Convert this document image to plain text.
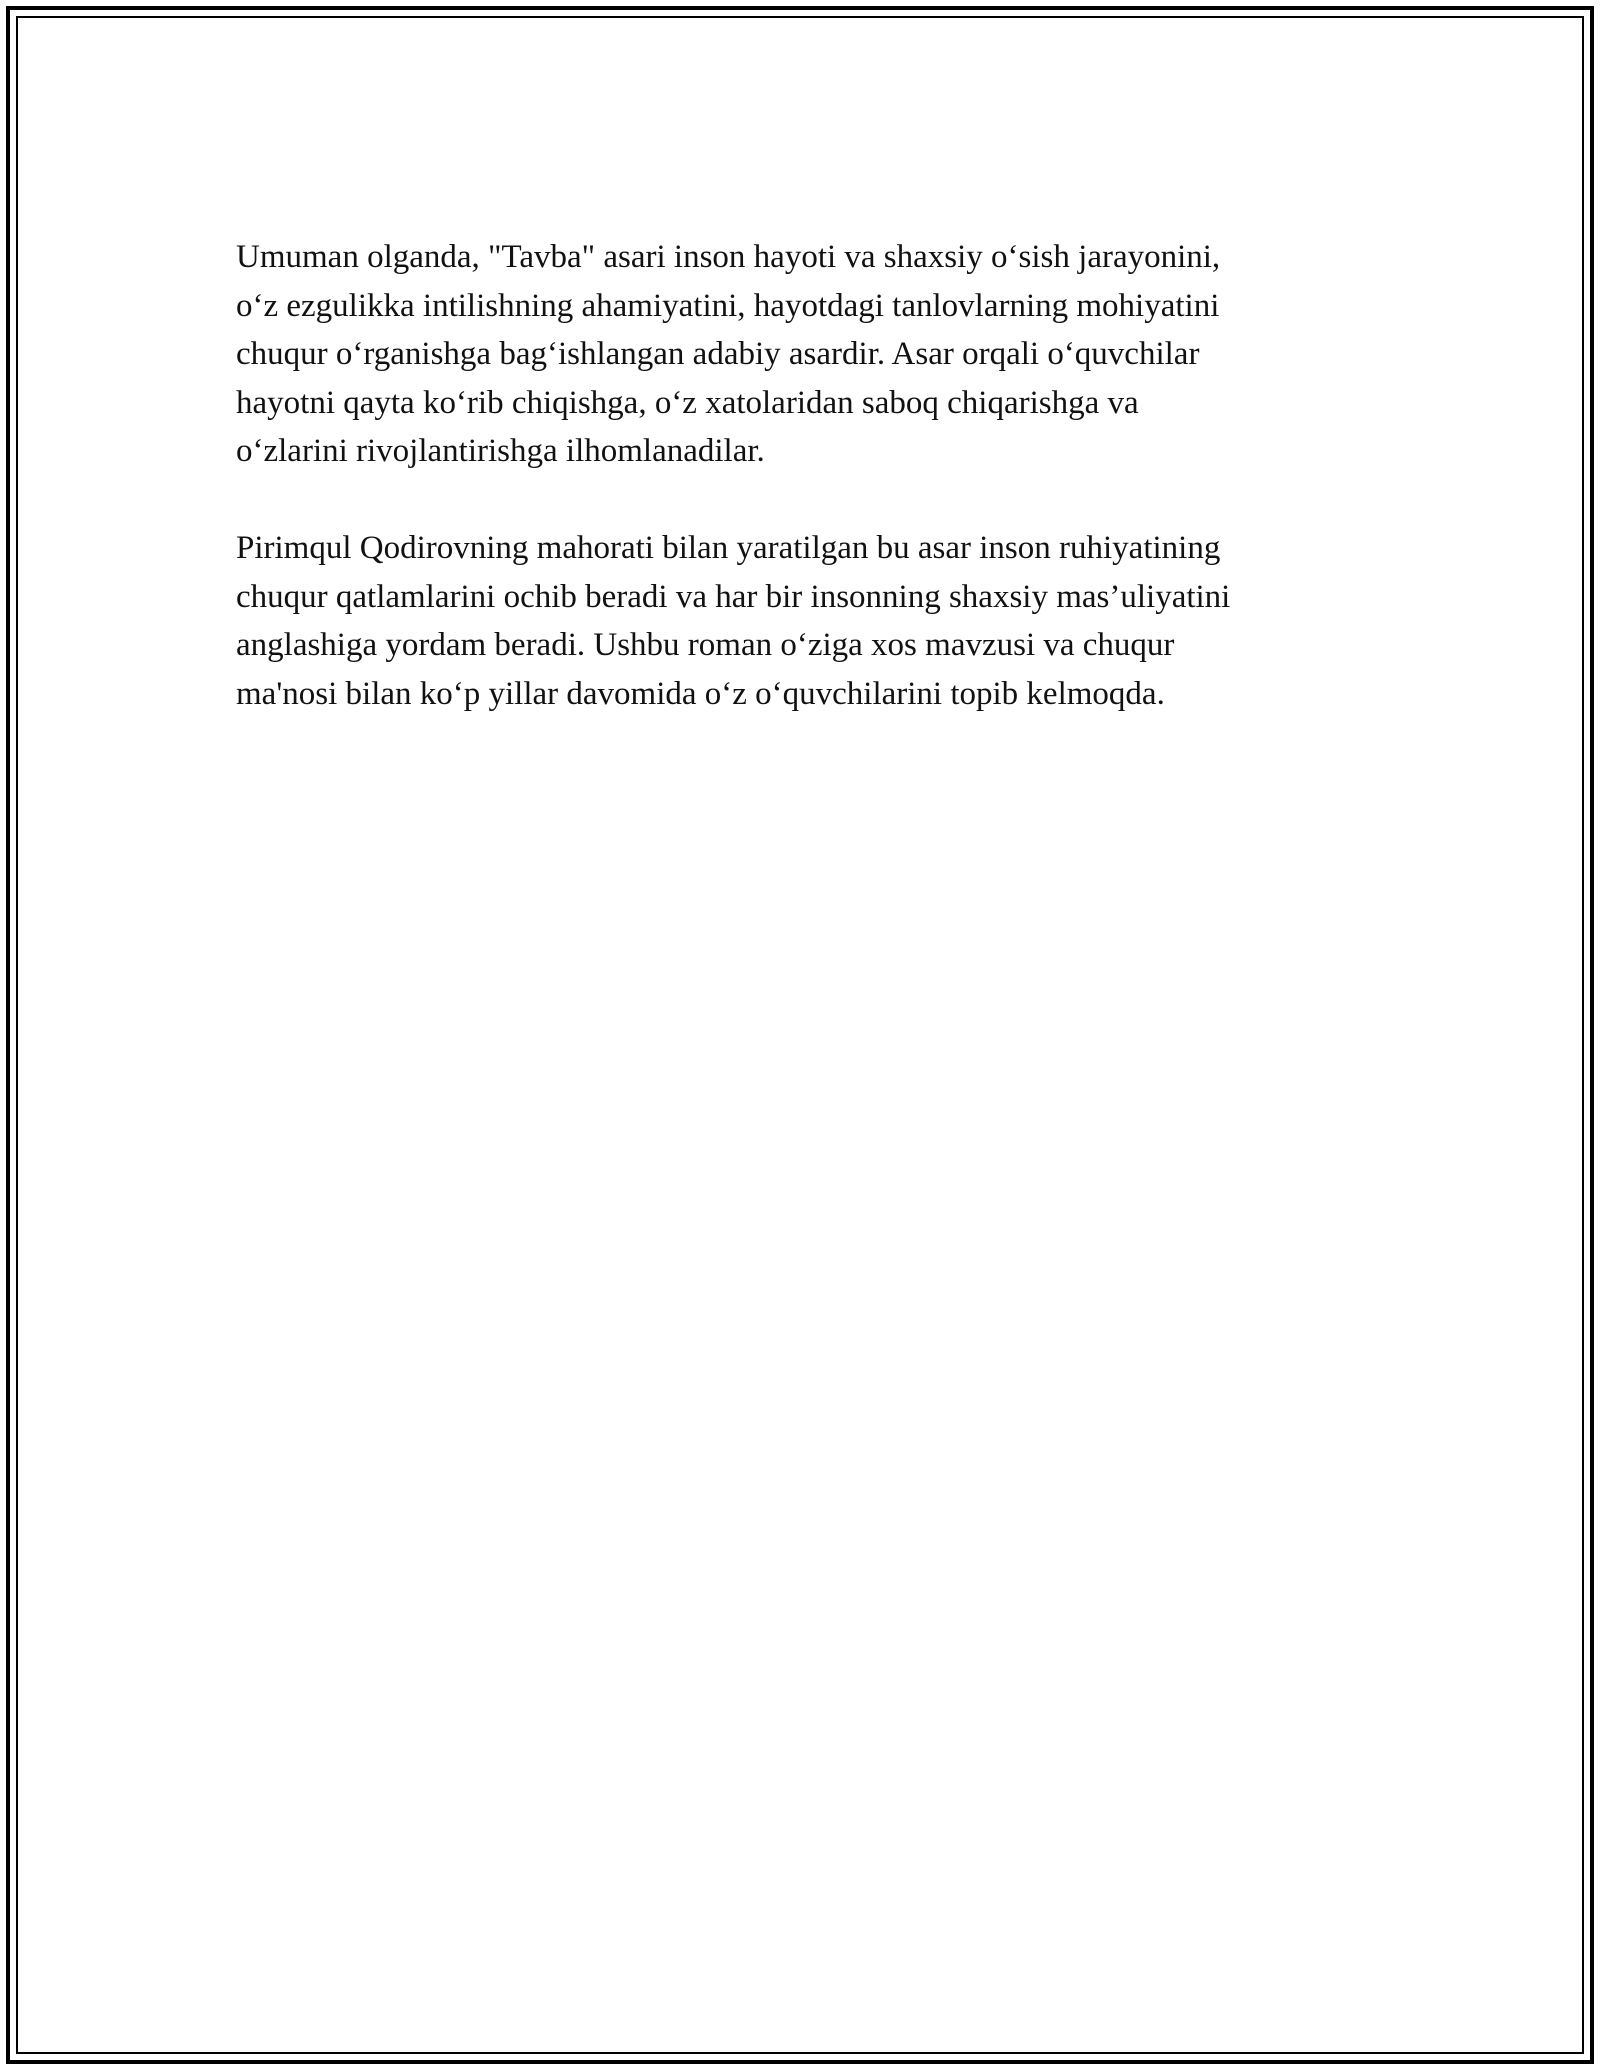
Umuman olganda, "Tavba" asari inson hayoti va shaxsiy oʻsish jarayonini,
oʻz ezgulikka intilishning ahamiyatini, hayotdagi tanlovlarning mohiyatini
chuqur oʻrganishga bagʻishlangan adabiy asardir. Asar orqali oʻquvchilar
hayotni qayta koʻrib chiqishga, oʻz xatolaridan saboq chiqarishga va
oʻzlarini rivojlantirishga ilhomlanadilar.

Pirimqul Qodirovning mahorati bilan yaratilgan bu asar inson ruhiyatining
chuqur qatlamlarini ochib beradi va har bir insonning shaxsiy mas’uliyatini
anglashiga yordam beradi. Ushbu roman oʻziga xos mavzusi va chuqur
ma'nosi bilan koʻp yillar davomida oʻz oʻquvchilarini topib kelmoqda.
